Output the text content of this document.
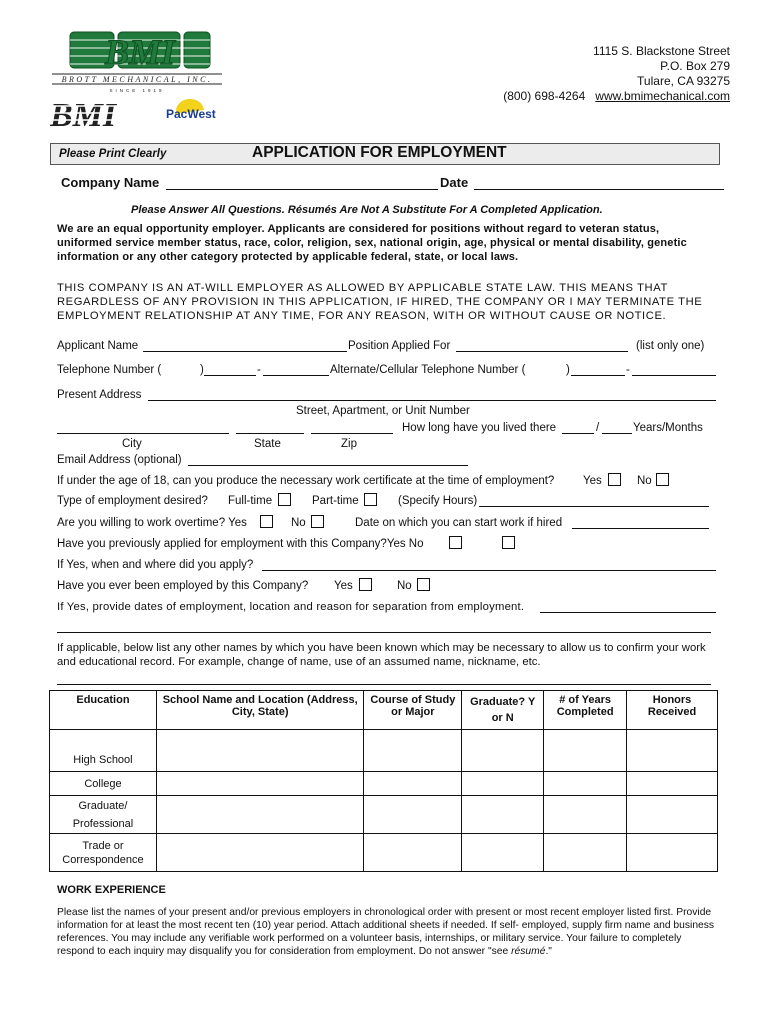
BMI
BROTT MECHANICAL, INC.
SINCE 1919
BMI	PacWest
1115 S. Blackstone Street
P.O. Box 279
Tulare, CA 93275
(800) 698-4264 www.bmimechanical.com
Please Print Clearly	APPLICATION FOR EMPLOYMENT
Company Name	Date
Please Answer All Questions. Résumés Are Not A Substitute For A Completed Application.
We are an equal opportunity employer. Applicants are considered for positions without regard to veteran status, uniformed service member status, race, color, religion, sex, national origin, age, physical or mental disability, genetic information or any other category protected by applicable federal, state, or local laws.
THIS COMPANY IS AN AT-WILL EMPLOYER AS ALLOWED BY APPLICABLE STATE LAW. THIS MEANS THAT REGARDLESS OF ANY PROVISION IN THIS APPLICATION, IF HIRED, THE COMPANY OR I MAY TERMINATE THE EMPLOYMENT RELATIONSHIP AT ANY TIME, FOR ANY REASON, WITH OR WITHOUT CAUSE OR NOTICE.
Applicant Name	Position Applied For	(list only one)
Telephone Number (	)	-	Alternate/Cellular Telephone Number (	)	-
Present Address
Street, Apartment, or Unit Number
How long have you lived there	/	Years/Months
City	State	Zip
Email Address (optional)
If under the age of 18, can you produce the necessary work certificate at the time of employment? Yes	No
Type of employment desired? Full-time	Part-time	(Specify Hours)
Are you willing to work overtime? Yes	No	Date on which you can start work if hired
Have you previously applied for employment with this Company?Yes No
If Yes, when and where did you apply?
Have you ever been employed by this Company? Yes	No
If Yes, provide dates of employment, location and reason for separation from employment.
If applicable, below list any other names by which you have been known which may be necessary to allow us to confirm your work and educational record. For example, change of name, use of an assumed name, nickname, etc.
Education	School Name and Location (Address, City, State)	Course of Study or Major	Graduate? Y or N	# of Years Completed	Honors Received
High School					
College					
Graduate/ Professional					
Trade or Correspondence					
WORK EXPERIENCE
Please list the names of your present and/or previous employers in chronological order with present or most recent employer listed first. Provide information for at least the most recent ten (10) year period. Attach additional sheets if needed. If self- employed, supply firm name and business references. You may include any verifiable work performed on a volunteer basis, internships, or military service. Your failure to completely respond to each inquiry may disqualify you for consideration from employment. Do not answer "see résumé."
